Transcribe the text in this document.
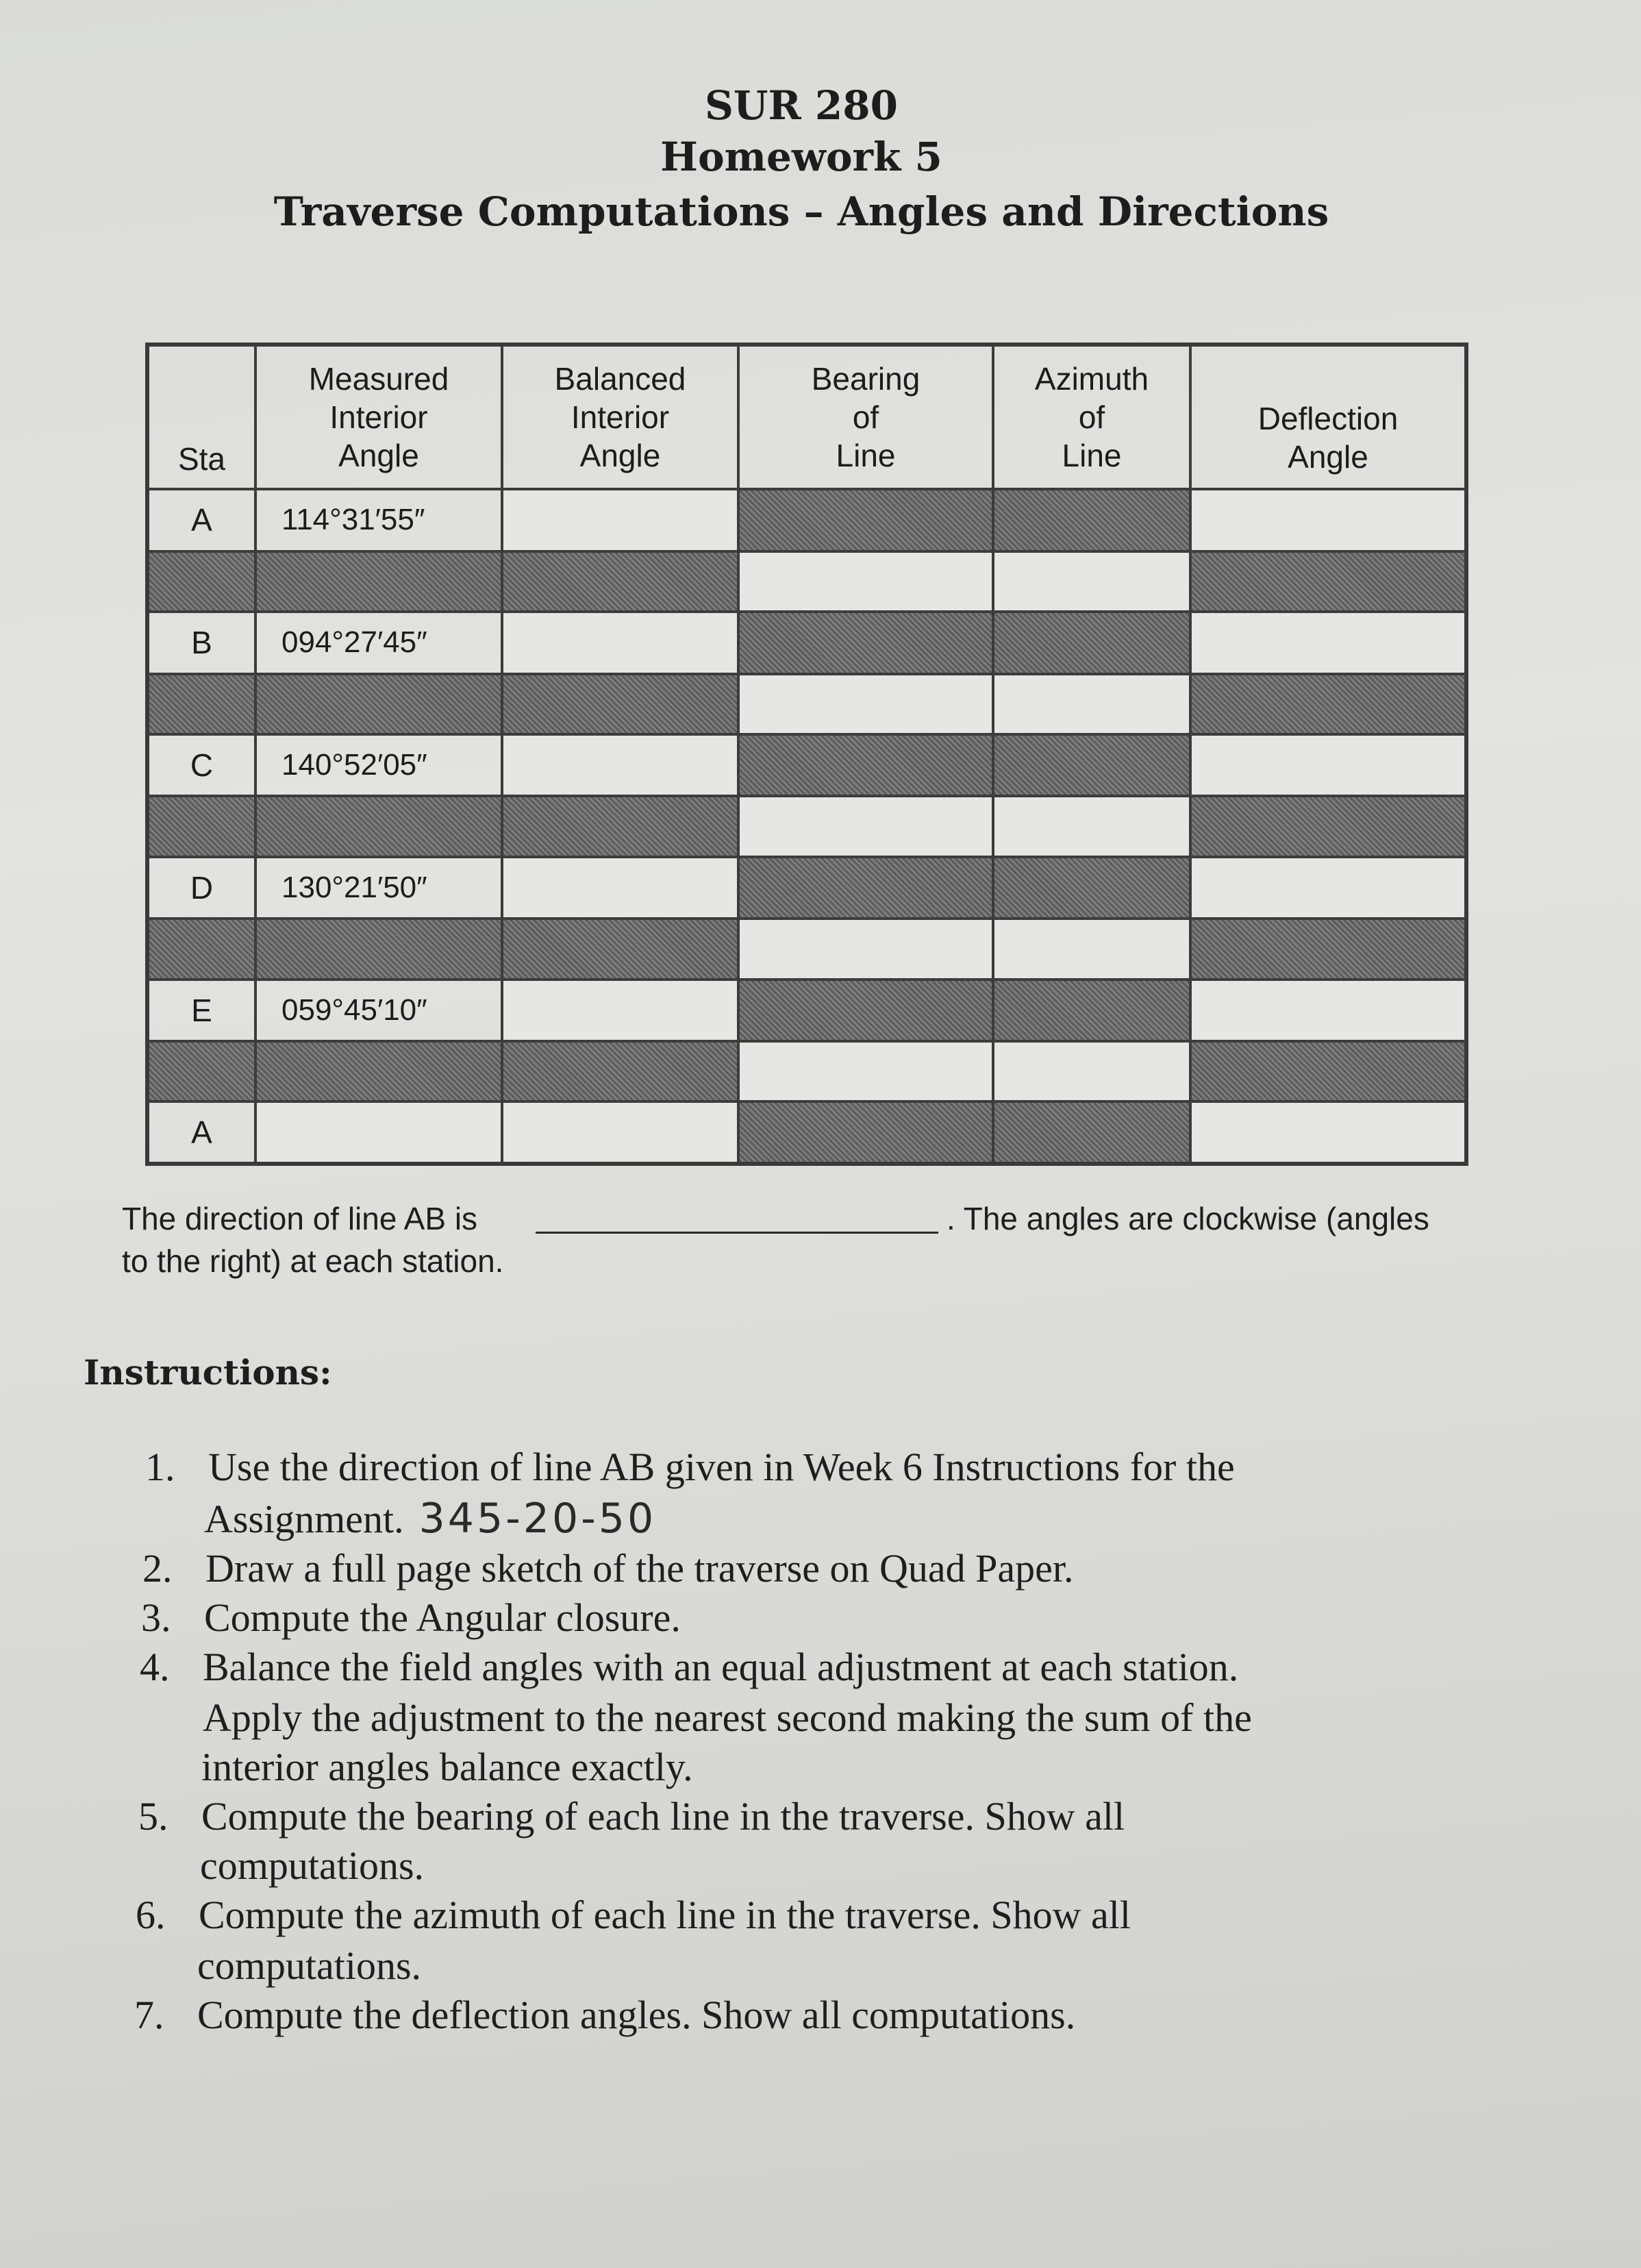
SUR 280
Homework 5
Traverse Computations – Angles and Directions
Sta	Measured
Interior
Angle	Balanced
Interior
Angle	Bearing
of
Line	Azimuth
of
Line	Deflection
Angle
A	114°31′55″				

B	094°27′45″				

C	140°52′05″				

D	130°21′50″				

E	059°45′10″				

A					
The direction of line AB is	. The angles are clockwise (angles
to the right) at each station.
Instructions:
1. Use the direction of line AB given in Week 6 Instructions for the
Assignment. 345-20-50
2. Draw a full page sketch of the traverse on Quad Paper.
3. Compute the Angular closure.
4. Balance the field angles with an equal adjustment at each station.
Apply the adjustment to the nearest second making the sum of the
interior angles balance exactly.
5. Compute the bearing of each line in the traverse. Show all
computations.
6. Compute the azimuth of each line in the traverse. Show all
computations.
7. Compute the deflection angles. Show all computations.
